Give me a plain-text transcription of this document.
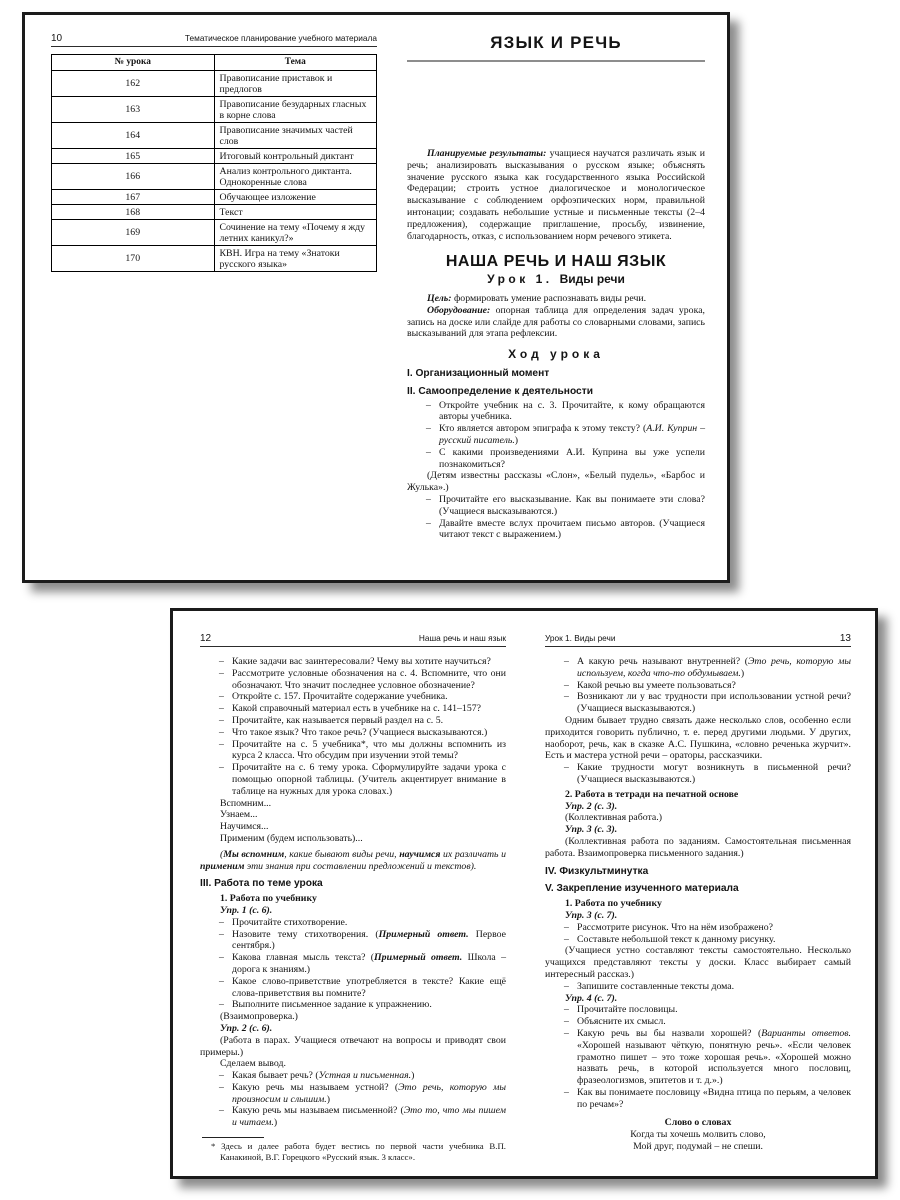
10	Тематическое планирование учебного материала
№ урока	Тема
162	Правописание приставок и предлогов
163	Правописание безударных гласных в корне слова
164	Правописание значимых частей слов
165	Итоговый контрольный диктант
166	Анализ контрольного диктанта. Однокоренные слова
167	Обучающее изложение
168	Текст
169	Сочинение на тему «Почему я жду летних каникул?»
170	КВН. Игра на тему «Знатоки русского языка»
ЯЗЫК И РЕЧЬ
Планируемые результаты: учащиеся научатся различать язык и речь; анализировать высказывания о русском языке; объяснять значение русского языка как государственного языка Российской Федерации; строить устное диалогическое и монологическое высказывание с соблюдением орфоэпических норм, правильной интонации; создавать небольшие устные и письменные тексты (2–4 предложения), содержащие приглашение, просьбу, извинение, благодарность, отказ, с использованием норм речевого этикета.
НАША РЕЧЬ И НАШ ЯЗЫК
Урок 1. Виды речи
Цель: формировать умение распознавать виды речи.
Оборудование: опорная таблица для определения задач урока, запись на доске или слайде для работы со словарными словами, запись высказываний для этапа рефлексии.
Ход урока
I. Организационный момент
II. Самоопределение к деятельности
– Откройте учебник на с. 3. Прочитайте, к кому обращаются авторы учебника.
– Кто является автором эпиграфа к этому тексту? (А.И. Куприн – русский писатель.)
– С какими произведениями А.И. Куприна вы уже успели познакомиться?
(Детям известны рассказы «Слон», «Белый пудель», «Барбос и Жулька».)
– Прочитайте его высказывание. Как вы понимаете эти слова? (Учащиеся высказываются.)
– Давайте вместе вслух прочитаем письмо авторов. (Учащиеся читают текст с выражением.)
12	Наша речь и наш язык
– Какие задачи вас заинтересовали? Чему вы хотите научиться?
– Рассмотрите условные обозначения на с. 4. Вспомните, что они обозначают. Что значит последнее условное обозначение?
– Откройте с. 157. Прочитайте содержание учебника.
– Какой справочный материал есть в учебнике на с. 141–157?
– Прочитайте, как называется первый раздел на с. 5.
– Что такое язык? Что такое речь? (Учащиеся высказываются.)
– Прочитайте на с. 5 учебника*, что мы должны вспомнить из курса 2 класса. Что обсудим при изучении этой темы?
– Прочитайте на с. 6 тему урока. Сформулируйте задачи урока с помощью опорной таблицы. (Учитель акцентирует внимание в таблице на нужных для урока словах.)
Вспомним...
Узнаем...
Научимся...
Применим (будем использовать)...
(Мы вспомним, какие бывают виды речи, научимся их различать и применим эти знания при составлении предложений и текстов).
III. Работа по теме урока
1. Работа по учебнику
Упр. 1 (с. 6).
– Прочитайте стихотворение.
– Назовите тему стихотворения. (Примерный ответ. Первое сентября.)
– Какова главная мысль текста? (Примерный ответ. Школа – дорога к знаниям.)
– Какое слово-приветствие употребляется в тексте? Какие ещё слова-приветствия вы помните?
– Выполните письменное задание к упражнению.
(Взаимопроверка.)
Упр. 2 (с. 6).
(Работа в парах. Учащиеся отвечают на вопросы и приводят свои примеры.)
Сделаем вывод.
– Какая бывает речь? (Устная и письменная.)
– Какую речь мы называем устной? (Это речь, которую мы произносим и слышим.)
– Какую речь мы называем письменной? (Это то, что мы пишем и читаем.)

* Здесь и далее работа будет вестись по первой части учебника В.П. Канакиной, В.Г. Горецкого «Русский язык. 3 класс».

Урок 1. Виды речи	13
– А какую речь называют внутренней? (Это речь, которую мы используем, когда что-то обдумываем.)
– Какой речью вы умеете пользоваться?
– Возникают ли у вас трудности при использовании устной речи? (Учащиеся высказываются.)
Одним бывает трудно связать даже несколько слов, особенно если приходится говорить публично, т. е. перед другими людьми. У других, наоборот, речь, как в сказке А.С. Пушкина, «словно реченька журчит». Есть и мастера устной речи – ораторы, рассказчики.
– Какие трудности могут возникнуть в письменной речи? (Учащиеся высказываются.)
2. Работа в тетради на печатной основе
Упр. 2 (с. 3).
(Коллективная работа.)
Упр. 3 (с. 3).
(Коллективная работа по заданиям. Самостоятельная письменная работа. Взаимопроверка письменного задания.)
IV. Физкультминутка
V. Закрепление изученного материала
1. Работа по учебнику
Упр. 3 (с. 7).
– Рассмотрите рисунок. Что на нём изображено?
– Составьте небольшой текст к данному рисунку.
(Учащиеся устно составляют тексты самостоятельно. Несколько учащихся представляют тексты у доски. Класс выбирает самый интересный рассказ.)
– Запишите составленные тексты дома.
Упр. 4 (с. 7).
– Прочитайте пословицы.
– Объясните их смысл.
– Какую речь вы бы назвали хорошей? (Варианты ответов. «Хорошей называют чёткую, понятную речь». «Если человек грамотно пишет – это тоже хорошая речь». «Хорошей можно назвать речь, в которой используется много пословиц, фразеологизмов, эпитетов и т. д.».)
– Как вы понимаете пословицу «Видна птица по перьям, а человек по речам»?
Слово о словах
Когда ты хочешь молвить слово,
Мой друг, подумай – не спеши.
